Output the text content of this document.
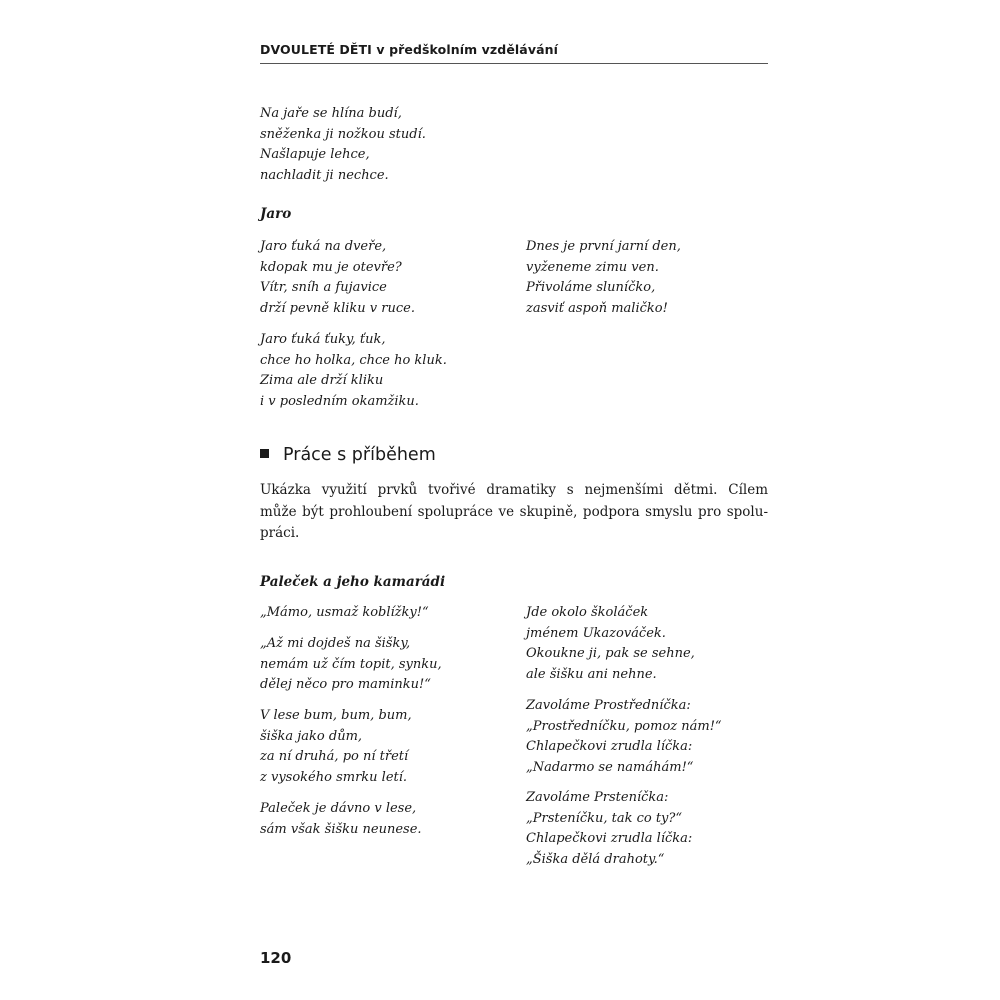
DVOULETÉ DĚTI v předškolním vzdělávání
Na jaře se hlína budí,
sněženka ji nožkou studí.
Našlapuje lehce,
nachladit ji nechce.
Jaro
Jaro ťuká na dveře,
kdopak mu je otevře?
Vítr, sníh a fujavice
drží pevně kliku v ruce.
Jaro ťuká ťuky, ťuk,
chce ho holka, chce ho kluk.
Zima ale drží kliku
i v posledním okamžiku.
Dnes je první jarní den,
vyženeme zimu ven.
Přivoláme sluníčko,
zasviť aspoň maličko!
Práce s příběhem
Ukázka využití prvků tvořivé dramatiky s nejmenšími dětmi. Cílem
může být prohloubení spolupráce ve skupině, podpora smyslu pro spolu-
práci.
Paleček a jeho kamarádi
„Mámo, usmaž koblížky!“
„Až mi dojdeš na šišky,
nemám už čím topit, synku,
dělej něco pro maminku!“
V lese bum, bum, bum,
šiška jako dům,
za ní druhá, po ní třetí
z vysokého smrku letí.
Paleček je dávno v lese,
sám však šišku neunese.
Jde okolo školáček
jménem Ukazováček.
Okoukne ji, pak se sehne,
ale šišku ani nehne.
Zavoláme Prostředníčka:
„Prostředníčku, pomoz nám!“
Chlapečkovi zrudla líčka:
„Nadarmo se namáhám!“
Zavoláme Prsteníčka:
„Prsteníčku, tak co ty?“
Chlapečkovi zrudla líčka:
„Šiška dělá drahoty.“
120
